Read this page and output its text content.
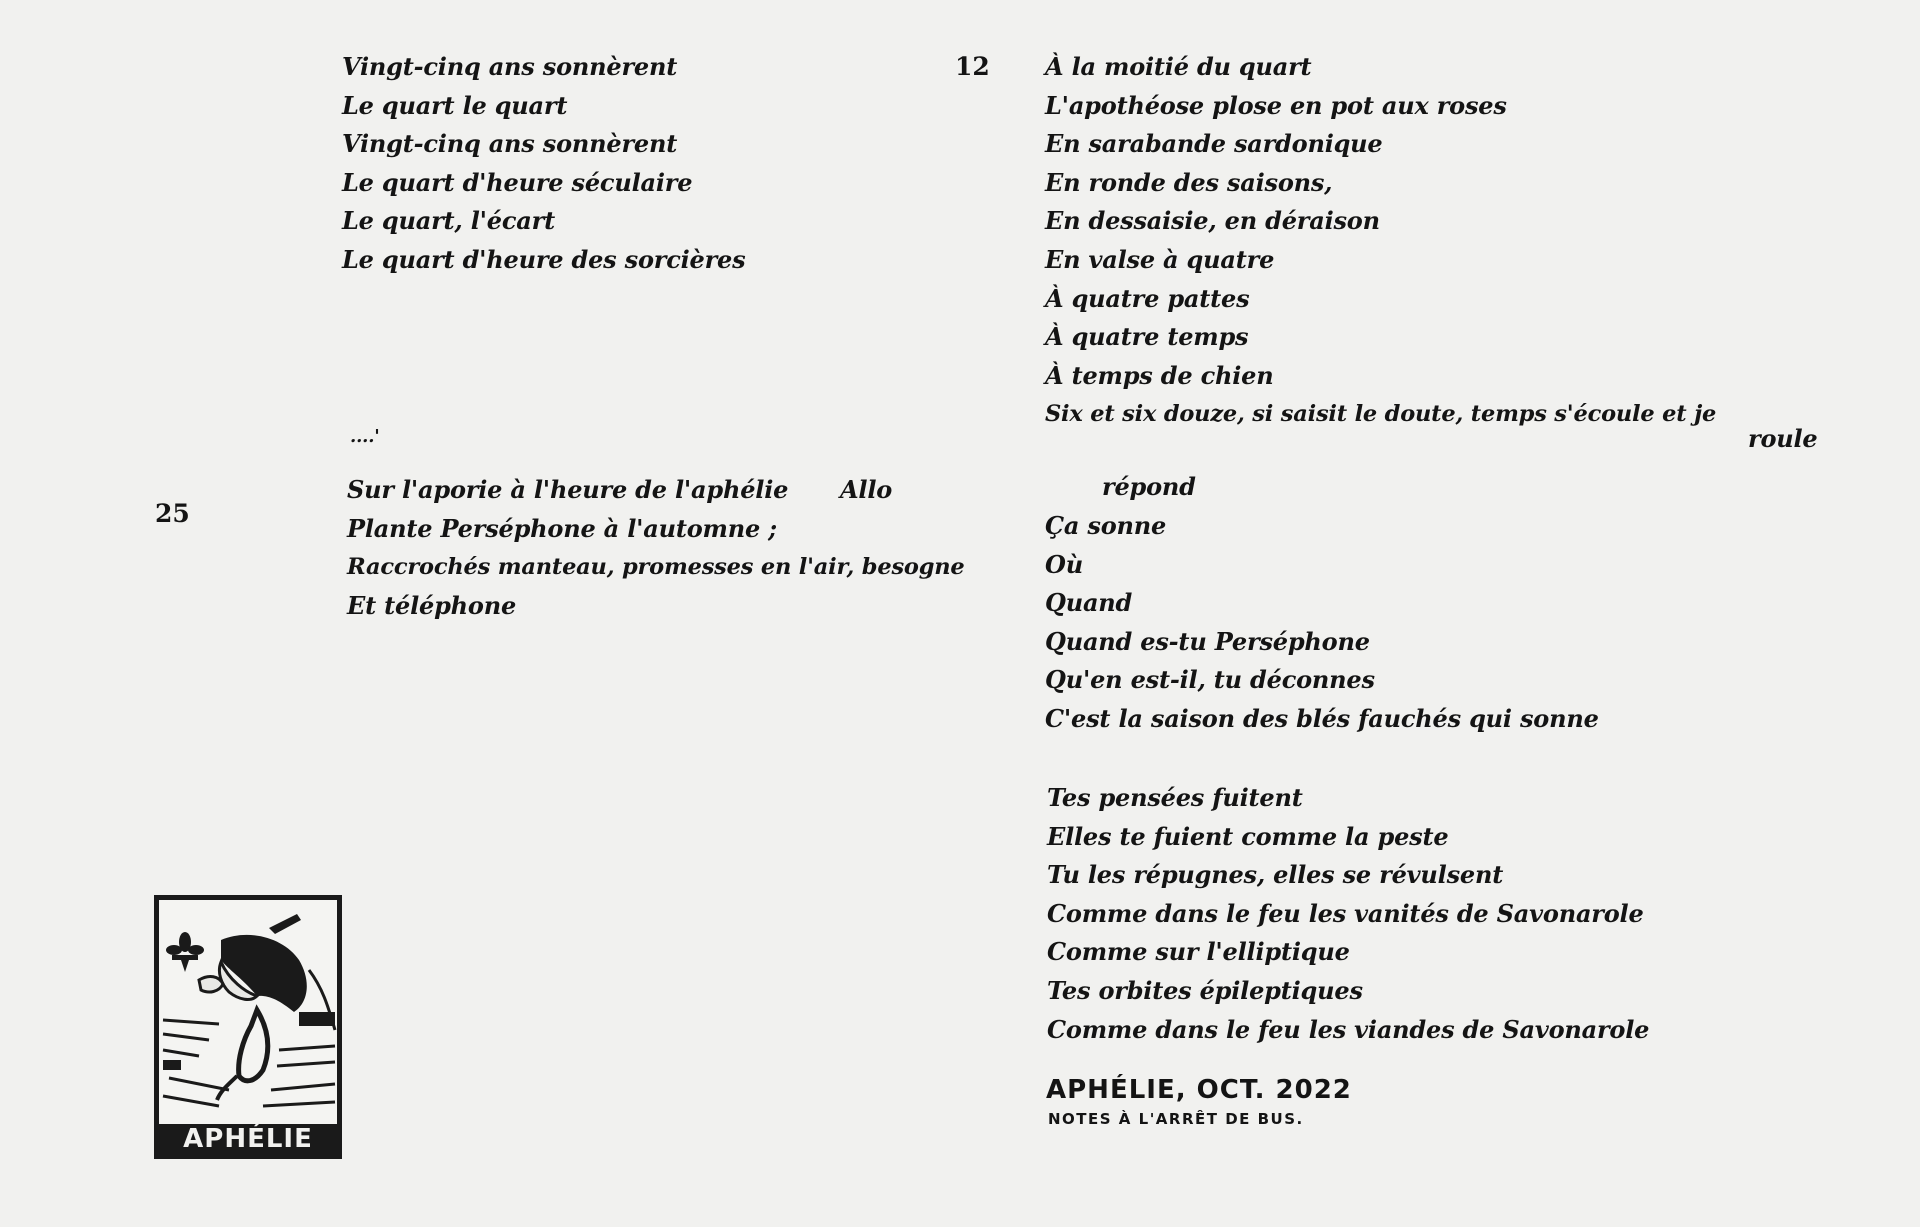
Vingt-cinq ans sonnèrent
Le quart le quart
Vingt-cinq ans sonnèrent
Le quart d'heure séculaire
Le quart, l'écart
Le quart d'heure des sorcières
12
25
À la moitié du quart
L'apothéose plose en pot aux roses
En sarabande sardonique
En ronde des saisons,
En dessaisie, en déraison
En valse à quatre
À quatre pattes
À quatre temps
À temps de chien
Six et six douze, si saisit le doute, temps s'écoule et je
roule
....'
Sur l'aporie à l'heure de l'aphélie
Plante Perséphone à l'automne ;
Raccrochés manteau, promesses en l'air, besogne
Et téléphone
Allo	répond
Ça sonne
Où
Quand
Quand es-tu Perséphone
Qu'en est-il, tu déconnes
C'est la saison des blés fauchés qui sonne
Tes pensées fuitent
Elles te fuient comme la peste
Tu les répugnes, elles se révulsent
Comme dans le feu les vanités de Savonarole
Comme sur l'elliptique
Tes orbites épileptiques
Comme dans le feu les viandes de Savonarole
APHÉLIE
APHÉLIE, OCT. 2022
NOTES À L'ARRÊT DE BUS.
